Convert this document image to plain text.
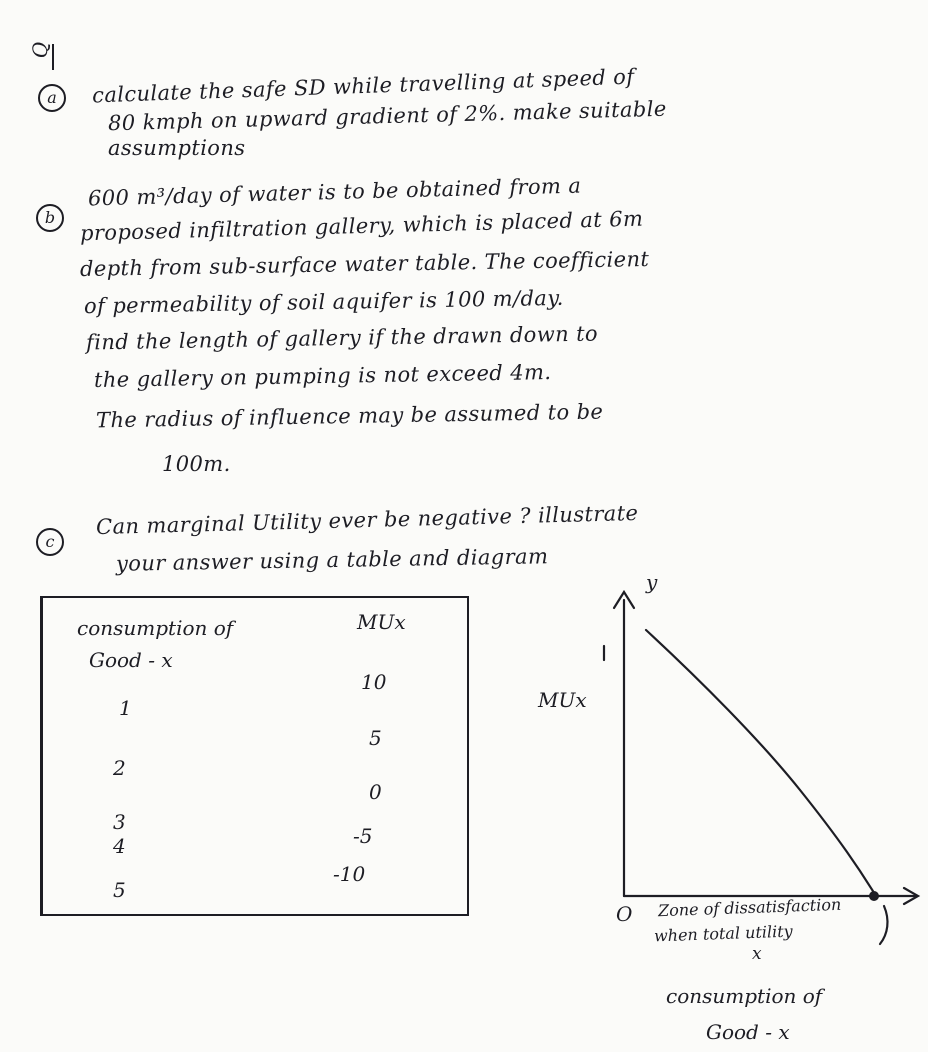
Q
a	calculate the safe SD while travelling at speed of
80 kmph on upward gradient of 2%. make suitable
assumptions
b
600 m³/day of water is to be obtained from a
proposed infiltration gallery, which is placed at 6m
depth from sub-surface water table. The coefficient
of permeability of soil aquifer is 100 m/day.
find the length of gallery if the drawn down to
the gallery on pumping is not exceed 4m.
The radius of influence may be assumed to be
100m.
c
Can marginal Utility ever be negative ? illustrate
your answer using a table and diagram
consumption of
Good - x
MUx
1
10
2
5
3
0
4	-5
5
-10
y
MUx
O Zone of dissatisfaction
when total utility
x
consumption of
Good - x
